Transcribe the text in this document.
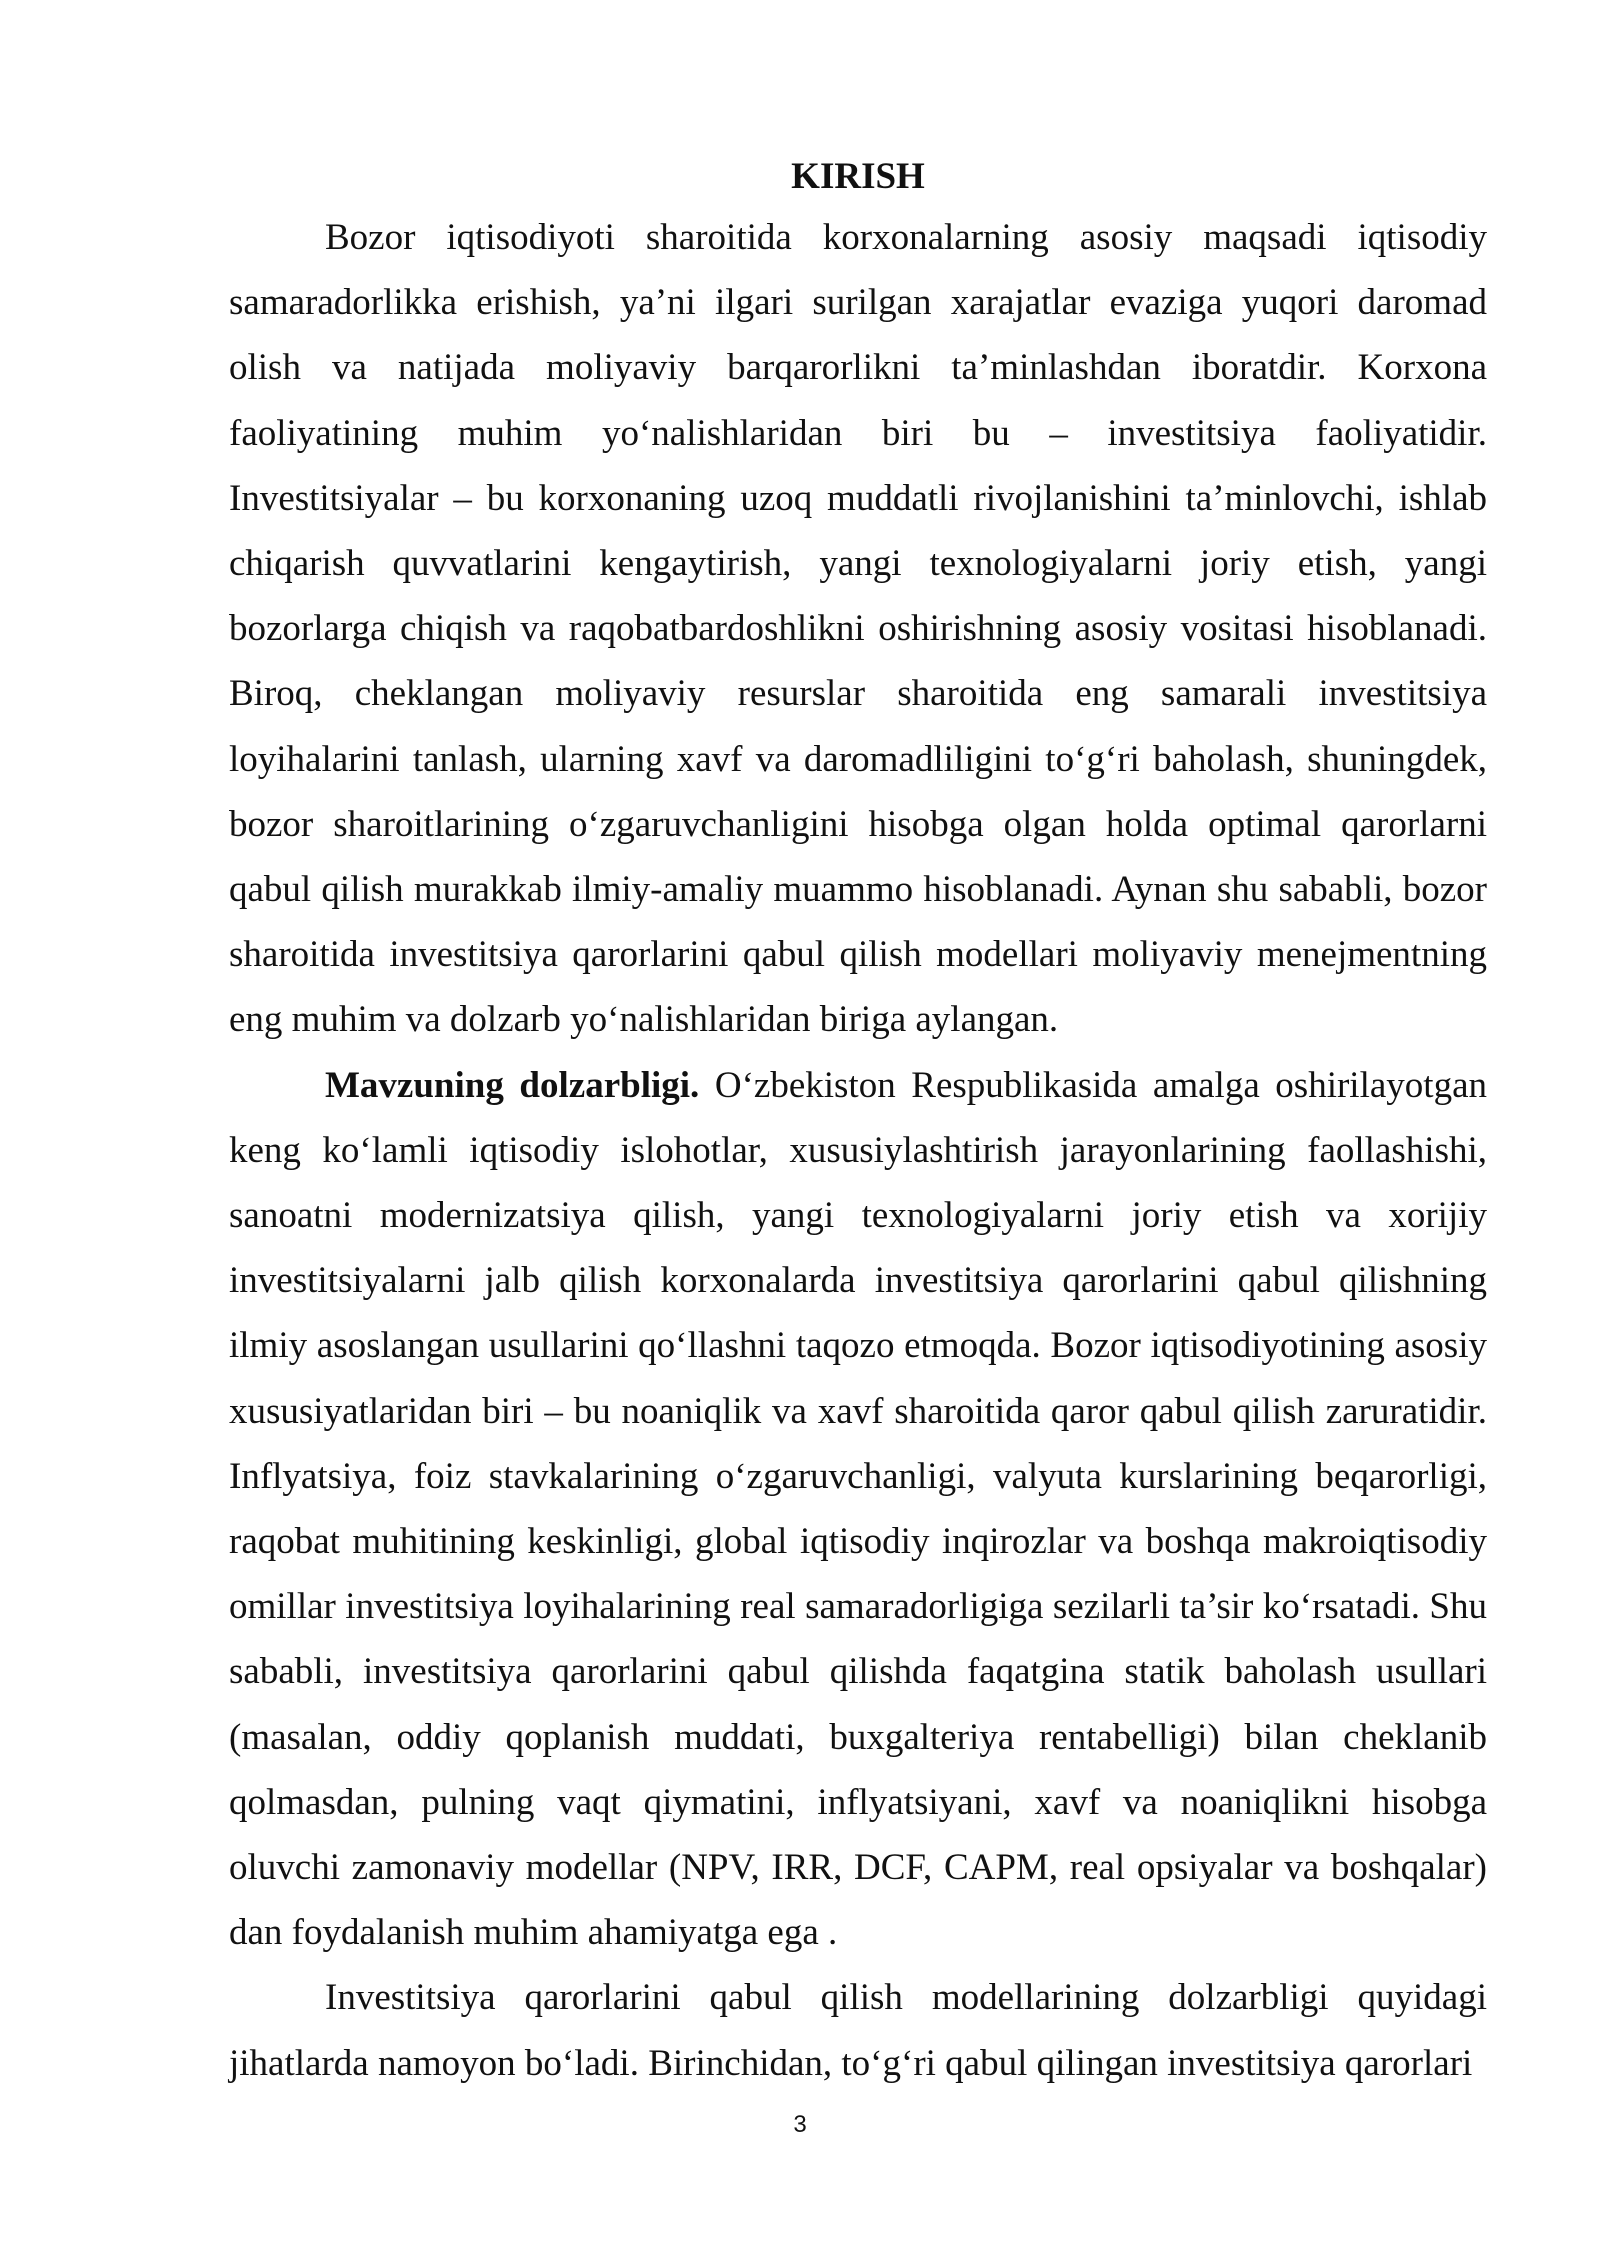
KIRISH

Bozor iqtisodiyoti sharoitida korxonalarning asosiy maqsadi iqtisodiy samaradorlikka erishish, ya’ni ilgari surilgan xarajatlar evaziga yuqori daromad olish va natijada moliyaviy barqarorlikni ta’minlashdan iboratdir. Korxona faoliyatining muhim yo‘nalishlaridan biri bu – investitsiya faoliyatidir. Investitsiyalar – bu korxonaning uzoq muddatli rivojlanishini ta’minlovchi, ishlab chiqarish quvvatlarini kengaytirish, yangi texnologiyalarni joriy etish, yangi bozorlarga chiqish va raqobatbardoshlikni oshirishning asosiy vositasi hisoblanadi. Biroq, cheklangan moliyaviy resurslar sharoitida eng samarali investitsiya loyihalarini tanlash, ularning xavf va daromadliligini to‘g‘ri baholash, shuningdek, bozor sharoitlarining o‘zgaruvchanligini hisobga olgan holda optimal qarorlarni qabul qilish murakkab ilmiy-amaliy muammo hisoblanadi. Aynan shu sababli, bozor sharoitida investitsiya qarorlarini qabul qilish modellari moliyaviy menejmentning eng muhim va dolzarb yo‘nalishlaridan biriga aylangan.

Mavzuning dolzarbligi. O‘zbekiston Respublikasida amalga oshirilayotgan keng ko‘lamli iqtisodiy islohotlar, xususiylashtirish jarayonlarining faollashishi, sanoatni modernizatsiya qilish, yangi texnologiyalarni joriy etish va xorijiy investitsiyalarni jalb qilish korxonalarda investitsiya qarorlarini qabul qilishning ilmiy asoslangan usullarini qo‘llashni taqozo etmoqda. Bozor iqtisodiyotining asosiy xususiyatlaridan biri – bu noaniqlik va xavf sharoitida qaror qabul qilish zaruratidir. Inflyatsiya, foiz stavkalarining o‘zgaruvchanligi, valyuta kurslarining beqarorligi, raqobat muhitining keskinligi, global iqtisodiy inqirozlar va boshqa makroiqtisodiy omillar investitsiya loyihalarining real samaradorligiga sezilarli ta’sir ko‘rsatadi. Shu sababli, investitsiya qarorlarini qabul qilishda faqatgina statik baholash usullari (masalan, oddiy qoplanish muddati, buxgalteriya rentabelligi) bilan cheklanib qolmasdan, pulning vaqt qiymatini, inflyatsiyani, xavf va noaniqlikni hisobga oluvchi zamonaviy modellar (NPV, IRR, DCF, CAPM, real opsiyalar va boshqalar) dan foydalanish muhim ahamiyatga ega .

Investitsiya qarorlarini qabul qilish modellarining dolzarbligi quyidagi jihatlarda namoyon bo‘ladi. Birinchidan, to‘g‘ri qabul qilingan investitsiya qarorlari

3
